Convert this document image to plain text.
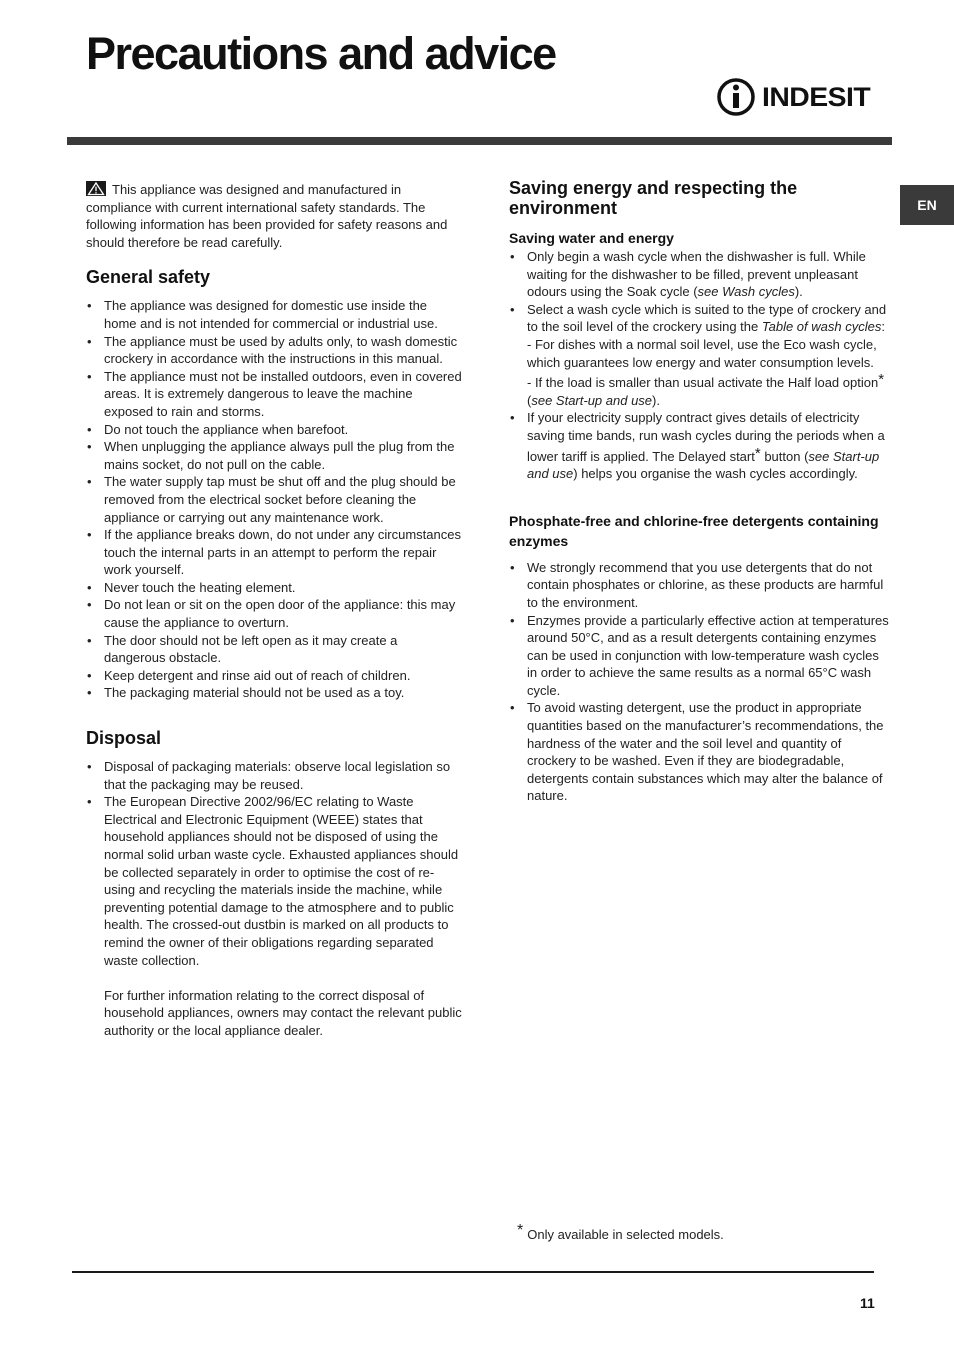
Precautions and advice
INDESIT
EN

This appliance was designed and manufactured in compliance with current international safety standards. The following information has been provided for safety reasons and should therefore be read carefully.

General safety
• The appliance was designed for domestic use inside the home and is not intended for commercial or industrial use.
• The appliance must be used by adults only, to wash domestic crockery in accordance with the instructions in this manual.
• The appliance must not be installed outdoors, even in covered areas. It is extremely dangerous to leave the machine exposed to rain and storms.
• Do not touch the appliance when barefoot.
• When unplugging the appliance always pull the plug from the mains socket, do not pull on the cable.
• The water supply tap must be shut off and the plug should be removed from the electrical socket before cleaning the appliance or carrying out any maintenance work.
• If the appliance breaks down, do not under any circumstances touch the internal parts in an attempt to perform the repair work yourself.
• Never touch the heating element.
• Do not lean or sit on the open door of the appliance: this may cause the appliance to overturn.
• The door should not be left open as it may create a dangerous obstacle.
• Keep detergent and rinse aid out of reach of children.
• The packaging material should not be used as a toy.
Disposal
• Disposal of packaging materials: observe local legislation so that the packaging may be reused.
• The European Directive 2002/96/EC relating to Waste Electrical and Electronic Equipment (WEEE) states that household appliances should not be disposed of using the normal solid urban waste cycle. Exhausted appliances should be collected separately in order to optimise the cost of re-using and recycling the materials inside the machine, while preventing potential damage to the atmosphere and to public health. The crossed-out dustbin is marked on all products to remind the owner of their obligations regarding separated waste collection.
For further information relating to the correct disposal of household appliances, owners may contact the relevant public authority or the local appliance dealer.
Saving energy and respecting the environment
Saving water and energy
• Only begin a wash cycle when the dishwasher is full. While waiting for the dishwasher to be filled, prevent unpleasant odours using the Soak cycle (see Wash cycles).
• Select a wash cycle which is suited to the type of crockery and to the soil level of the crockery using the Table of wash cycles:
- For dishes with a normal soil level, use the Eco wash cycle, which guarantees low energy and water consumption levels.
- If the load is smaller than usual activate the Half load option* (see Start-up and use).
• If your electricity supply contract gives details of electricity saving time bands, run wash cycles during the periods when a lower tariff is applied. The Delayed start* button (see Start-up and use) helps you organise the wash cycles accordingly.
Phosphate-free and chlorine-free detergents containing enzymes
• We strongly recommend that you use detergents that do not contain phosphates or chlorine, as these products are harmful to the environment.
• Enzymes provide a particularly effective action at temperatures around 50°C, and as a result detergents containing enzymes can be used in conjunction with low-temperature wash cycles in order to achieve the same results as a normal 65°C wash cycle.
• To avoid wasting detergent, use the product in appropriate quantities based on the manufacturer’s recommendations, the hardness of the water and the soil level and quantity of crockery to be washed. Even if they are biodegradable, detergents contain substances which may alter the balance of nature.
* Only available in selected models.
11
